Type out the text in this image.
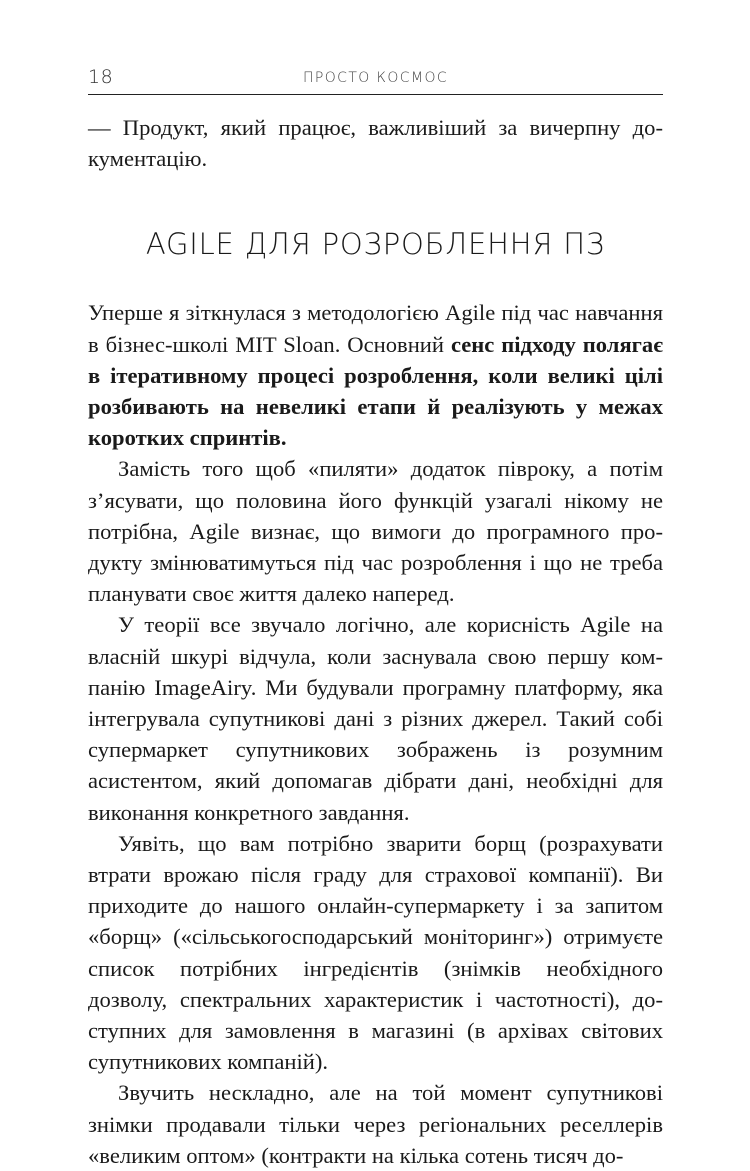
18	ПРОСТО КОСМОС

— Продукт, який працює, важливіший за вичерпну документацію.

AGILE ДЛЯ РОЗРОБЛЕННЯ ПЗ

Уперше я зіткнулася з методологією Agile під час навчання в бізнес-школі MIT Sloan. Основний сенс підходу полягає в ітеративному процесі розроблення, коли великі цілі розбивають на невеликі етапи й реалізують у межах коротких спринтів.

Замість того щоб «пиляти» додаток півроку, а потім з’ясувати, що половина його функцій узагалі нікому не потрібна, Agile визнає, що вимоги до програмного продукту змінюватимуться під час розроблення і що не треба планувати своє життя далеко наперед.

У теорії все звучало логічно, але корисність Agile на власній шкурі відчула, коли заснувала свою першу компанію ImageAiry. Ми будували програмну платформу, яка інтегрувала супутникові дані з різних джерел. Такий собі супермаркет супутникових зображень із розумним асистентом, який допомагав дібрати дані, необхідні для виконання конкретного завдання.

Уявіть, що вам потрібно зварити борщ (розрахувати втрати врожаю після граду для страхової компанії). Ви приходите до нашого онлайн-супермаркету і за запитом «борщ» («сільськогосподарський моніторинг») отримуєте список потрібних інгредієнтів (знімків необхідного дозволу, спектральних характеристик і частотності), доступних для замовлення в магазині (в архівах світових супутникових компаній).

Звучить нескладно, але на той момент супутникові знімки продавали тільки через регіональних реселлерів «великим оптом» (контракти на кілька сотень тисяч до-
